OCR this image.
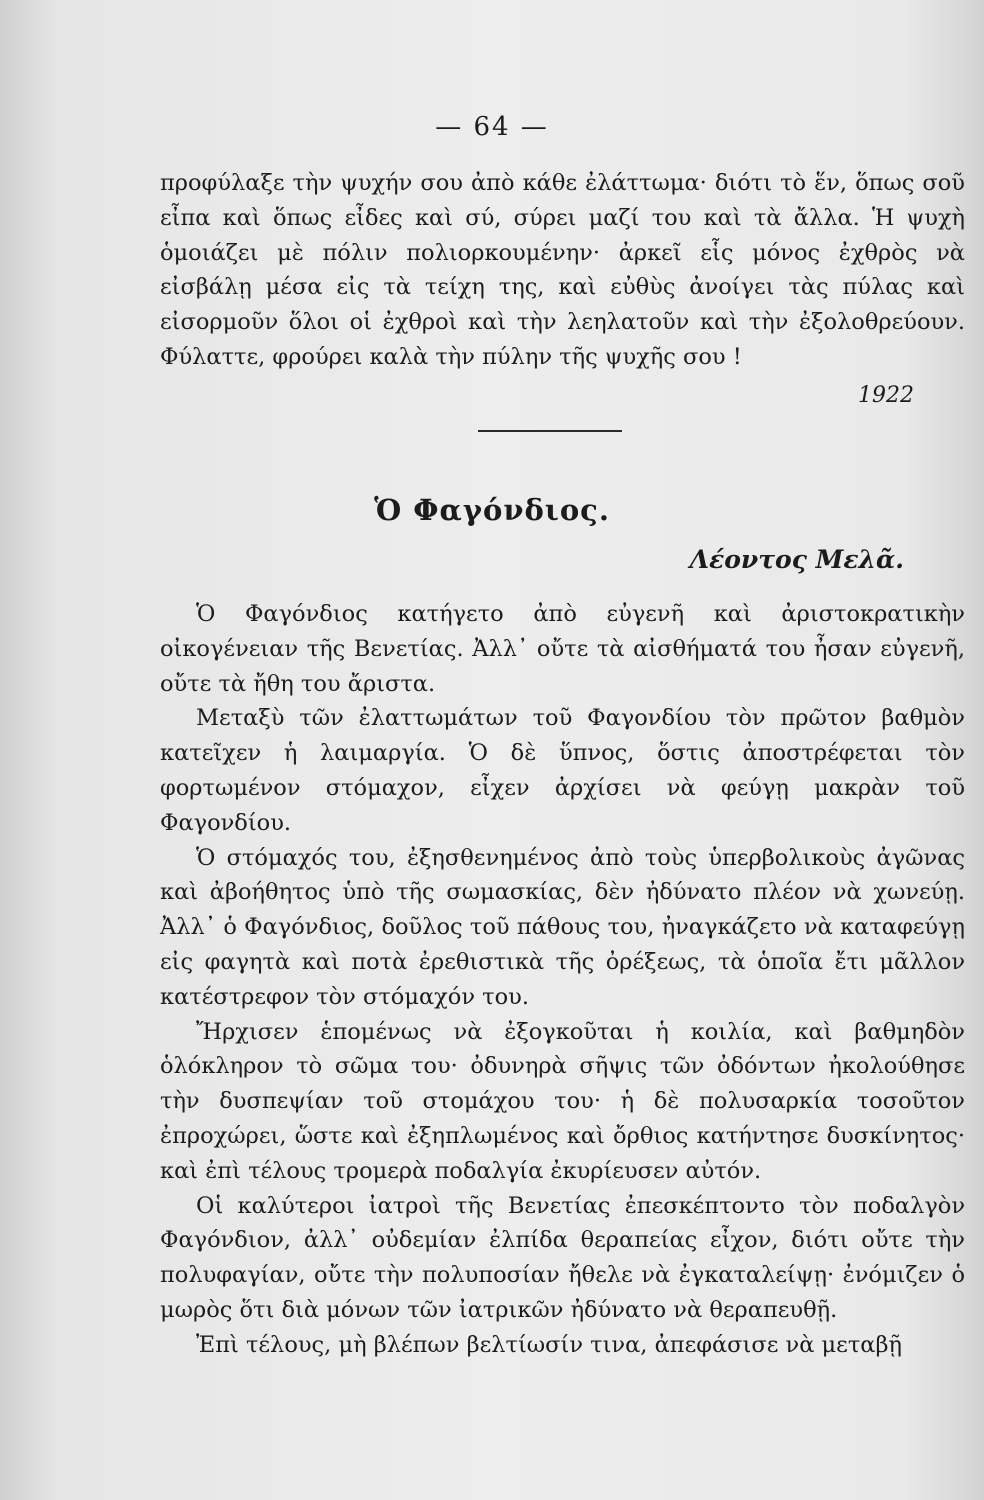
— 64 —

προφύλαξε τὴν ψυχήν σου ἀπὸ κάθε ἐλάττωμα· διότι τὸ ἕν, ὅπως σοῦ εἶπα καὶ ὅπως εἶδες καὶ σύ, σύρει μαζί του καὶ τὰ ἄλλα. Ἡ ψυχὴ ὁμοιάζει μὲ πόλιν πολιορκουμένην· ἀρκεῖ εἷς μόνος ἐχθρὸς νὰ εἰσβάλῃ μέσα εἰς τὰ τείχη της, καὶ εὐθὺς ἀνοίγει τὰς πύλας καὶ εἰσορμοῦν ὅλοι οἱ ἐχθροὶ καὶ τὴν λεηλατοῦν καὶ τὴν ἐξολοθρεύουν. Φύλαττε, φρούρει καλὰ τὴν πύλην τῆς ψυχῆς σου !

1922
Ὁ Φαγόνδιος.
Λέοντος Μελᾶ.

Ὁ Φαγόνδιος κατήγετο ἀπὸ εὐγενῆ καὶ ἀριστοκρατικὴν οἰκογένειαν τῆς Βενετίας. Ἀλλ᾿ οὔτε τὰ αἰσθήματά του ἦσαν εὐγενῆ, οὔτε τὰ ἤθη του ἄριστα.

Μεταξὺ τῶν ἐλαττωμάτων τοῦ Φαγονδίου τὸν πρῶτον βαθμὸν κατεῖχεν ἡ λαιμαργία. Ὁ δὲ ὕπνος, ὅστις ἀποστρέφεται τὸν φορτωμένον στόμαχον, εἶχεν ἀρχίσει νὰ φεύγῃ μακρὰν τοῦ Φαγονδίου.

Ὁ στόμαχός του, ἐξησθενημένος ἀπὸ τοὺς ὑπερβολικοὺς ἀγῶνας καὶ ἀβοήθητος ὑπὸ τῆς σωμασκίας, δὲν ἠδύνατο πλέον νὰ χωνεύῃ. Ἀλλ᾿ ὁ Φαγόνδιος, δοῦλος τοῦ πάθους του, ἠναγκάζετο νὰ καταφεύγῃ εἰς φαγητὰ καὶ ποτὰ ἐρεθιστικὰ τῆς ὀρέξεως, τὰ ὁποῖα ἔτι μᾶλλον κατέστρεφον τὸν στόμαχόν του.

Ἤρχισεν ἑπομένως νὰ ἐξογκοῦται ἡ κοιλία, καὶ βαθμηδὸν ὁλόκληρον τὸ σῶμα του· ὀδυνηρὰ σῆψις τῶν ὀδόντων ἠκολούθησε τὴν δυσπεψίαν τοῦ στομάχου του· ἡ δὲ πολυσαρκία τοσοῦτον ἐπροχώρει, ὥστε καὶ ἐξηπλωμένος καὶ ὄρθιος κατήντησε δυσκίνητος· καὶ ἐπὶ τέλους τρομερὰ ποδαλγία ἐκυρίευσεν αὐτόν.

Οἱ καλύτεροι ἰατροὶ τῆς Βενετίας ἐπεσκέπτοντο τὸν ποδαλγὸν Φαγόνδιον, ἀλλ᾿ οὐδεμίαν ἐλπίδα θεραπείας εἶχον, διότι οὔτε τὴν πολυφαγίαν, οὔτε τὴν πολυποσίαν ἤθελε νὰ ἐγκαταλείψῃ· ἐνόμιζεν ὁ μωρὸς ὅτι διὰ μόνων τῶν ἰατρικῶν ἠδύνατο νὰ θεραπευθῇ.

Ἐπὶ τέλους, μὴ βλέπων βελτίωσίν τινα, ἀπεφάσισε νὰ μεταβῇ
